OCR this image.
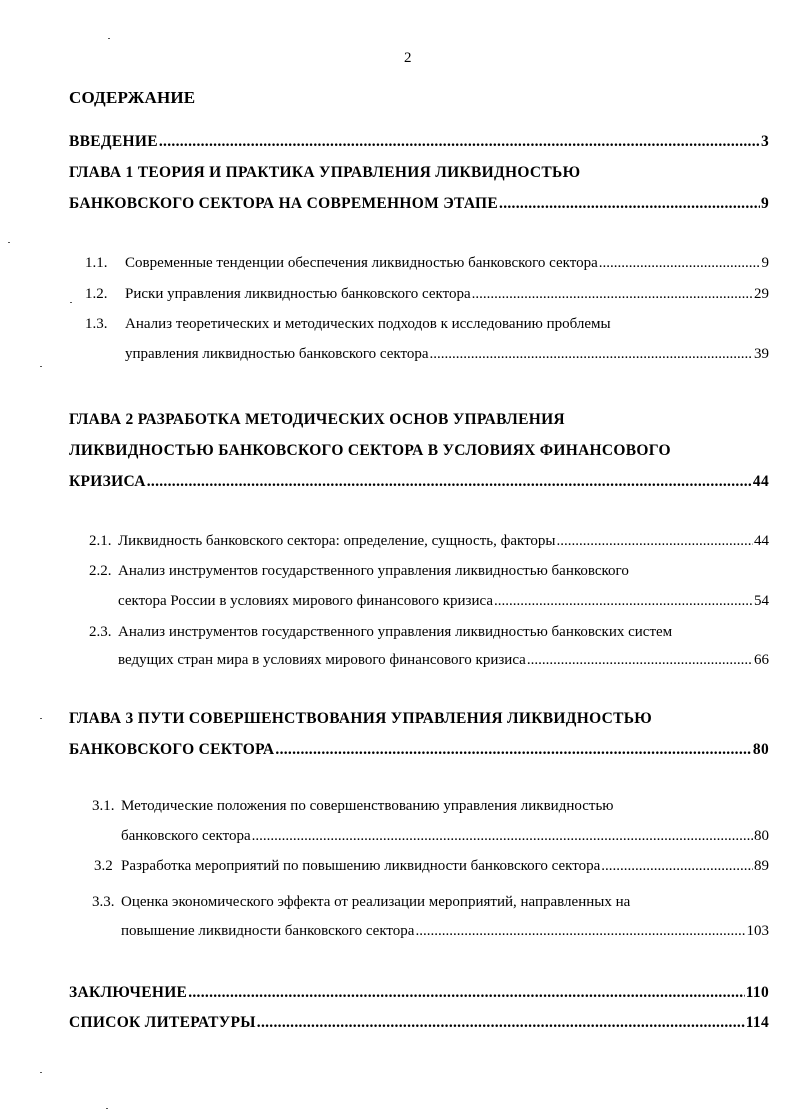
2
СОДЕРЖАНИЕ
ВВЕДЕНИЕ .....	3
ГЛАВА 1 ТЕОРИЯ И ПРАКТИКА УПРАВЛЕНИЯ ЛИКВИДНОСТЬЮ
БАНКОВСКОГО СЕКТОРА НА СОВРЕМЕННОМ ЭТАПЕ .....	9
1.1.	Современные тенденции обеспечения ликвидностью банковского сектора .....	9
1.2.	Риски управления ликвидностью банковского сектора .....	29
1.3.	Анализ теоретических и методических подходов к исследованию проблемы
управления ликвидностью банковского сектора .....	39
ГЛАВА 2 РАЗРАБОТКА МЕТОДИЧЕСКИХ ОСНОВ УПРАВЛЕНИЯ
ЛИКВИДНОСТЬЮ БАНКОВСКОГО СЕКТОРА В УСЛОВИЯХ ФИНАНСОВОГО
КРИЗИСА .....	44
2.1. Ликвидность банковского сектора: определение, сущность, факторы .....	44
2.2. Анализ инструментов государственного управления ликвидностью банковского
сектора России в условиях мирового финансового кризиса .....	54
2.3. Анализ инструментов государственного управления ликвидностью банковских систем
ведущих стран мира в условиях мирового финансового кризиса .....	66
ГЛАВА 3 ПУТИ СОВЕРШЕНСТВОВАНИЯ УПРАВЛЕНИЯ ЛИКВИДНОСТЬЮ
БАНКОВСКОГО СЕКТОРА .....	80
3.1. Методические положения по совершенствованию управления ликвидностью
банковского сектора .....	80
3.2 Разработка мероприятий по повышению ликвидности банковского сектора .....	89
3.3. Оценка экономического эффекта от реализации мероприятий, направленных на
повышение ликвидности банковского сектора .....	103
ЗАКЛЮЧЕНИЕ .....	110
СПИСОК ЛИТЕРАТУРЫ .....	114
